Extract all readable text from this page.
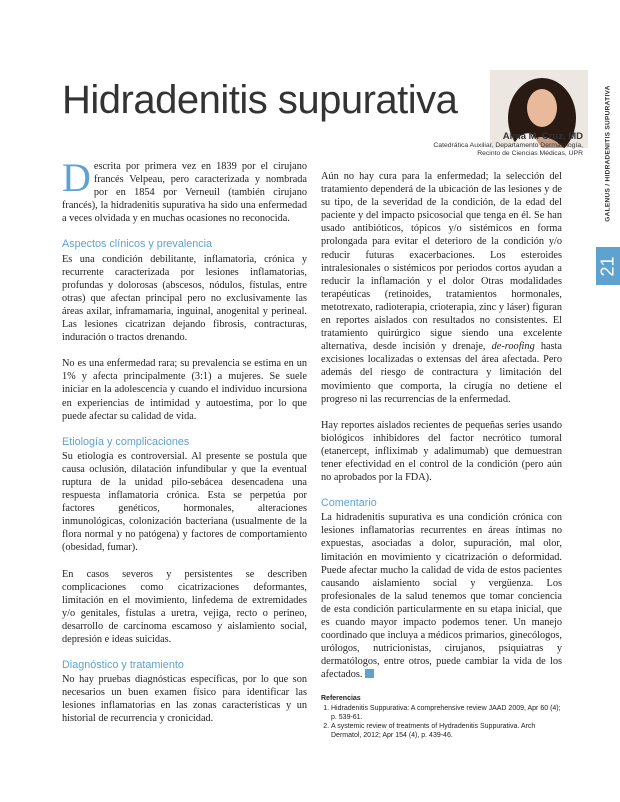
Hidradenitis supurativa
Alma M. Cruz, MD
Catedrática Auxiliar, Departamento Dermatología,
Recinto de Ciencias Médicas, UPR	GALENUS / HIDRADENITIS SUPURATIVA
21

Descrita por primera vez en 1839 por el cirujano francés Velpeau, pero caracterizada y nombrada por en 1854 por Verneuil (también cirujano francés), la hidradenitis supurativa ha sido una enfermedad a veces olvidada y en muchas ocasiones no reconocida.

Aspectos clínicos y prevalencia

Es una condición debilitante, inflamatoria, crónica y recurrente caracterizada por lesiones inflamatorias, profundas y dolorosas (abscesos, nódulos, fístulas, entre otras) que afectan principal pero no exclusivamente las áreas axilar, inframamaria, inguinal, anogenital y perineal. Las lesiones cicatrizan dejando fibrosis, contracturas, induración o tractos drenando.

No es una enfermedad rara; su prevalencia se estima en un 1% y afecta principalmente (3:1) a mujeres. Se suele iniciar en la adolescencia y cuando el individuo incursiona en experiencias de intimidad y autoestima, por lo que puede afectar su calidad de vida.

Etiología y complicaciones

Su etiología es controversial. Al presente se postula que causa oclusión, dilatación infundibular y que la eventual ruptura de la unidad pilo-sebácea desencadena una respuesta inflamatoria crónica. Esta se perpetúa por factores genéticos, hormonales, alteraciones inmunológicas, colonización bacteriana (usualmente de la flora normal y no patógena) y factores de comportamiento (obesidad, fumar).

En casos severos y persistentes se describen complicaciones como cicatrizaciones deformantes, limitación en el movimiento, linfedema de extremidades y/o genitales, fístulas a uretra, vejiga, recto o perineo, desarrollo de carcinoma escamoso y aislamiento social, depresión e ideas suicidas.

Diagnóstico y tratamiento

No hay pruebas diagnósticas específicas, por lo que son necesarios un buen examen físico para identificar las lesiones inflamatorias en las zonas características y un historial de recurrencia y cronicidad.

Aún no hay cura para la enfermedad; la selección del tratamiento dependerá de la ubicación de las lesiones y de su tipo, de la severidad de la condición, de la edad del paciente y del impacto psicosocial que tenga en él. Se han usado antibióticos, tópicos y/o sistémicos en forma prolongada para evitar el deterioro de la condición y/o reducir futuras exacerbaciones. Los esteroides intralesionales o sistémicos por periodos cortos ayudan a reducir la inflamación y el dolor Otras modalidades terapéuticas (retinoides, tratamientos hormonales, metotrexato, radioterapia, crioterapia, zinc y láser) figuran en reportes aislados con resultados no consistentes. El tratamiento quirúrgico sigue siendo una excelente alternativa, desde incisión y drenaje, de-roofing hasta excisiones localizadas o extensas del área afectada. Pero además del riesgo de contractura y limitación del movimiento que comporta, la cirugía no detiene el progreso ni las recurrencias de la enfermedad.

Hay reportes aislados recientes de pequeñas series usando biológicos inhibidores del factor necrótico tumoral (etanercept, infliximab y adalimumab) que demuestran tener efectividad en el control de la condición (pero aún no aprobados por la FDA).

Comentario

La hidradenitis supurativa es una condición crónica con lesiones inflamatorias recurrentes en áreas íntimas no expuestas, asociadas a dolor, supuración, mal olor, limitación en movimiento y cicatrización o deformidad. Puede afectar mucho la calidad de vida de estos pacientes causando aislamiento social y vergüenza. Los profesionales de la salud tenemos que tomar conciencia de esta condición particularmente en su etapa inicial, que es cuando mayor impacto podemos tener. Un manejo coordinado que incluya a médicos primarios, ginecólogos, urólogos, nutricionistas, cirujanos, psiquiatras y dermatólogos, entre otros, puede cambiar la vida de los afectados.

Referencias
1. Hidradenitis Suppurativa: A comprehensive review JAAD 2009, Apr 60 (4); p. 539-61.
2. A systemic review of treatments of Hydradenitis Suppurativa. Arch Dermatol, 2012; Apr 154 (4), p. 439-46.
